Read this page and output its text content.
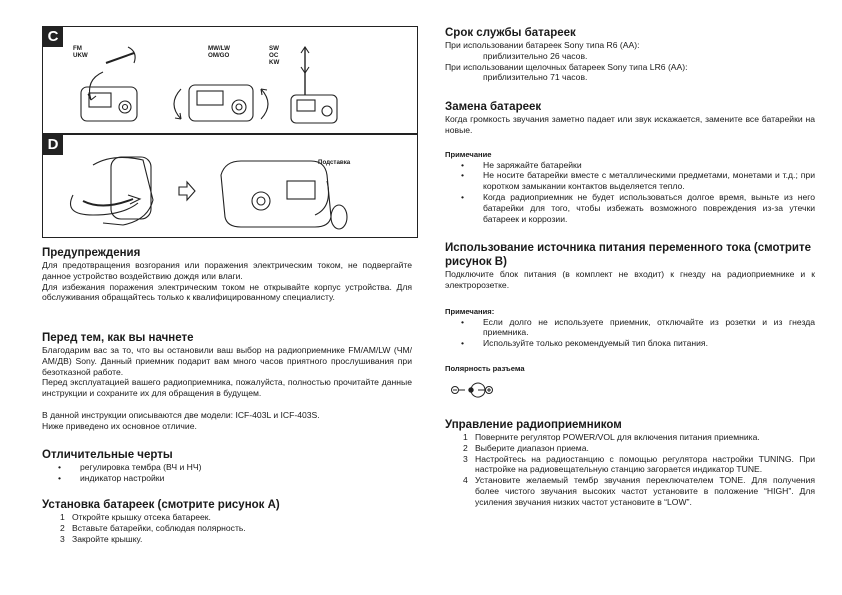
C
FM
UKW
MW/LW
OM/GO
SW
OC
KW
D
Подставка
Предупреждения

Для предотвращения возгорания или поражения электрическим током, не подвергайте данное устройство воздействию дождя или влаги.

Для избежания поражения электрическим током не открывайте корпус устройства. Для обслуживания обращайтесь только к квалифицированному специалисту.

Перед тем, как вы начнете

Благодарим вас за то, что вы остановили ваш выбор на радиоприемнике FM/AM/LW (ЧМ/АМ/ДВ) Sony. Данный приемник подарит вам много часов приятного прослушивания при безотказной работе.

Перед эксплуатацией вашего радиоприемника, пожалуйста, полностью прочитайте данные инструкции и сохраните их для обращения в будущем.

В данной инструкции описываются две модели: ICF-403L и ICF-403S.

Ниже приведено их основное отличие.

Отличительные черты
• регулировка тембра (ВЧ и НЧ)
• индикатор настройки
Установка батареек (смотрите рисунок А)
1 Откройте крышку отсека батареек.
2 Вставьте батарейки, соблюдая полярность.
3 Закройте крышку.
Срок службы батареек

При использовании батареек Sony типа R6 (AA):

приблизительно 26 часов.

При использовании щелочных батареек Sony типа LR6 (AA):

приблизительно 71 часов.

Замена батареек

Когда громкость звучания заметно падает или звук искажается, замените все батарейки на новые.

Примечание
• Не заряжайте батарейки
• Не носите батарейки вместе с металлическими предметами, монетами и т.д.; при коротком замыкании контактов выделяется тепло.
• Когда радиоприемник не будет использоваться долгое время, выньте из него батарейки для того, чтобы избежать возможного повреждения из-за утечки батареек и коррозии.
Использование источника питания переменного тока (смотрите рисунок B)

Подключите блок питания (в комплект не входит) к гнезду на радиоприемнике и к электророзетке.

Примечания:
• Если долго не используете приемник, отключайте из розетки и из гнезда приемника.
• Используйте только рекомендуемый тип блока питания.
Полярность разъема
Управление радиоприемником
1 Поверните регулятор POWER/VOL для включения питания приемника.
2 Выберите диапазон приема.
3 Настройтесь на радиостанцию с помощью регулятора настройки TUNING. При настройке на радиовещательную станцию загорается индикатор TUNE.
4 Установите желаемый тембр звучания переключателем TONE. Для получения более чистого звучания высоких частот установите в положение “HIGH”. Для усиления звучания низких частот установите в “LOW”.
